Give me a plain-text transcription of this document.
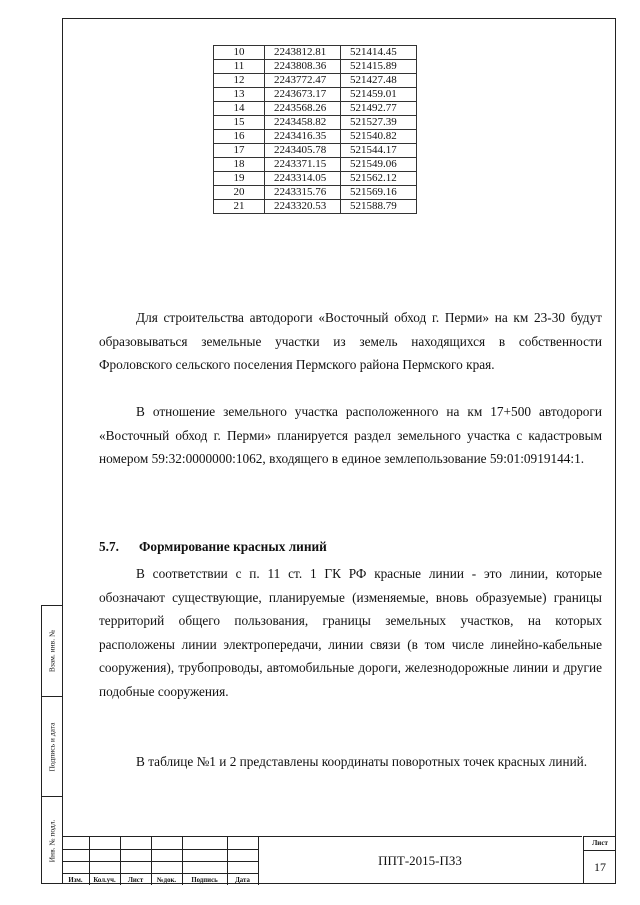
Взам. инв. №
Подпись и дата
Инв. № подл.
10	2243812.81	521414.45
11	2243808.36	521415.89
12	2243772.47	521427.48
13	2243673.17	521459.01
14	2243568.26	521492.77
15	2243458.82	521527.39
16	2243416.35	521540.82
17	2243405.78	521544.17
18	2243371.15	521549.06
19	2243314.05	521562.12
20	2243315.76	521569.16
21	2243320.53	521588.79

Для строительства автодороги «Восточный обход г. Перми» на км 23-30 будут образовываться земельные участки из земель находящихся в собственности Фроловского сельского поселения Пермского района Пермского края.

В отношение земельного участка расположенного на км 17+500 автодороги «Восточный обход г. Перми» планируется раздел земельного участка с кадастровым номером 59:32:0000000:1062, входящего в единое землепользование 59:01:0919144:1.

5.7. Формирование красных линий

В соответствии с п. 11 ст. 1 ГК РФ красные линии - это линии, которые обозначают существующие, планируемые (изменяемые, вновь образуемые) границы территорий общего пользования, границы земельных участков, на которых расположены линии электропередачи, линии связи (в том числе линейно-кабельные сооружения), трубопроводы, автомобильные дороги, железнодорожные линии и другие подобные сооружения.

В таблице №1 и 2 представлены координаты поворотных точек красных линий.

Изм.	Кол.уч.	Лист	№док.	Подпись	Дата
ППТ-2015-ПЗ3
Лист
17
